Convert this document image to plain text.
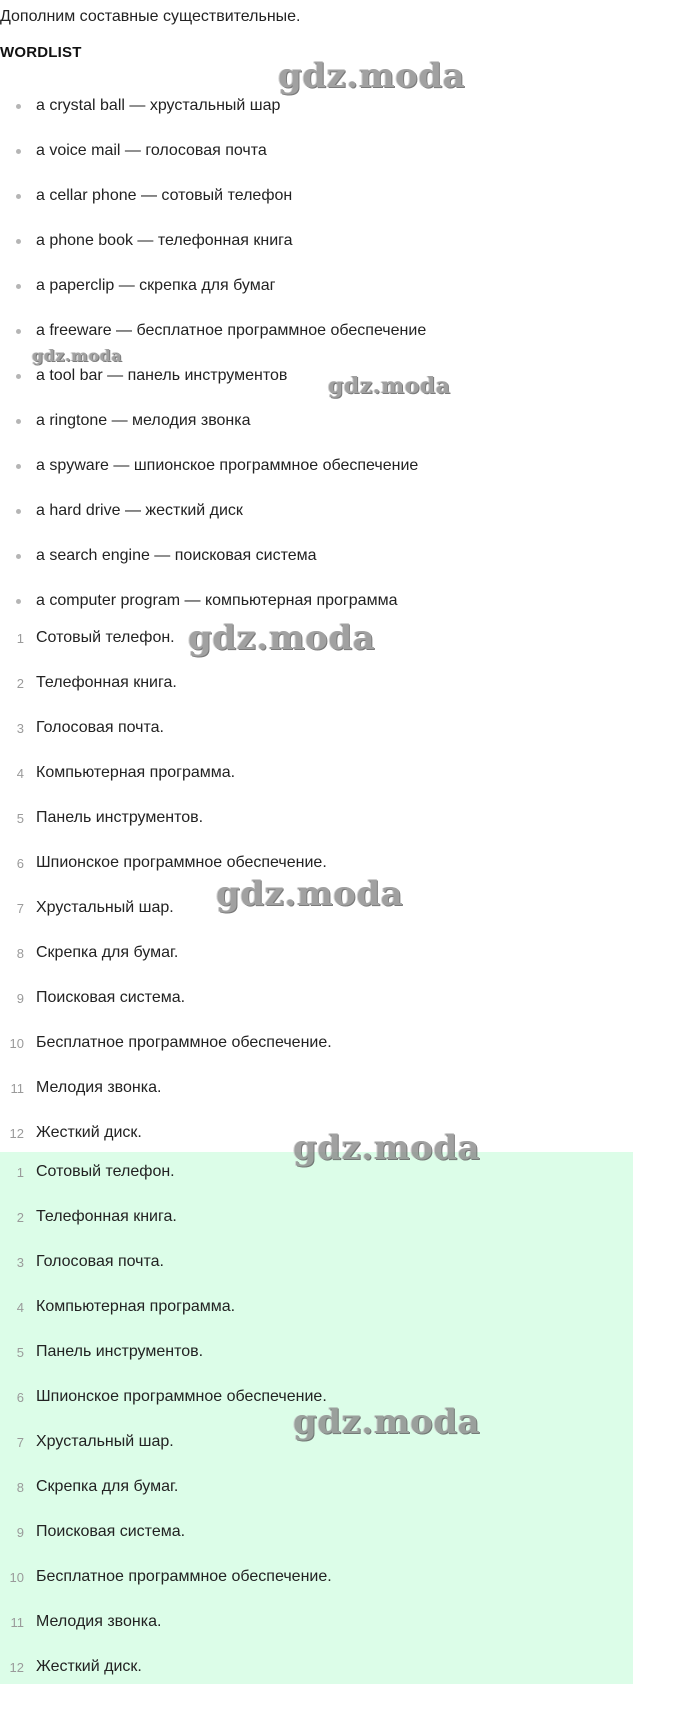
Дополним составные существительные.
WORDLIST
a crystal ball — хрустальный шар
a voice mail — голосовая почта
a cellar phone — сотовый телефон
a phone book — телефонная книга
a paperclip — скрепка для бумаг
a freeware — бесплатное программное обеспечение
a tool bar — панель инструментов
a ringtone — мелодия звонка
a spyware — шпионское программное обеспечение
a hard drive — жесткий диск
a search engine — поисковая система
a computer program — компьютерная программа
1 Сотовый телефон.
2 Телефонная книга.
3 Голосовая почта.
4 Компьютерная программа.
5 Панель инструментов.
6 Шпионское программное обеспечение.
7 Хрустальный шар.
8 Скрепка для бумаг.
9 Поисковая система.
10 Бесплатное программное обеспечение.
11 Мелодия звонка.
12 Жесткий диск.
1 Сотовый телефон.
2 Телефонная книга.
3 Голосовая почта.
4 Компьютерная программа.
5 Панель инструментов.
6 Шпионское программное обеспечение.
7 Хрустальный шар.
8 Скрепка для бумаг.
9 Поисковая система.
10 Бесплатное программное обеспечение.
11 Мелодия звонка.
12 Жесткий диск.
gdz.moda
gdz.moda
gdz.moda
gdz.moda
gdz.moda
gdz.moda
gdz.moda
